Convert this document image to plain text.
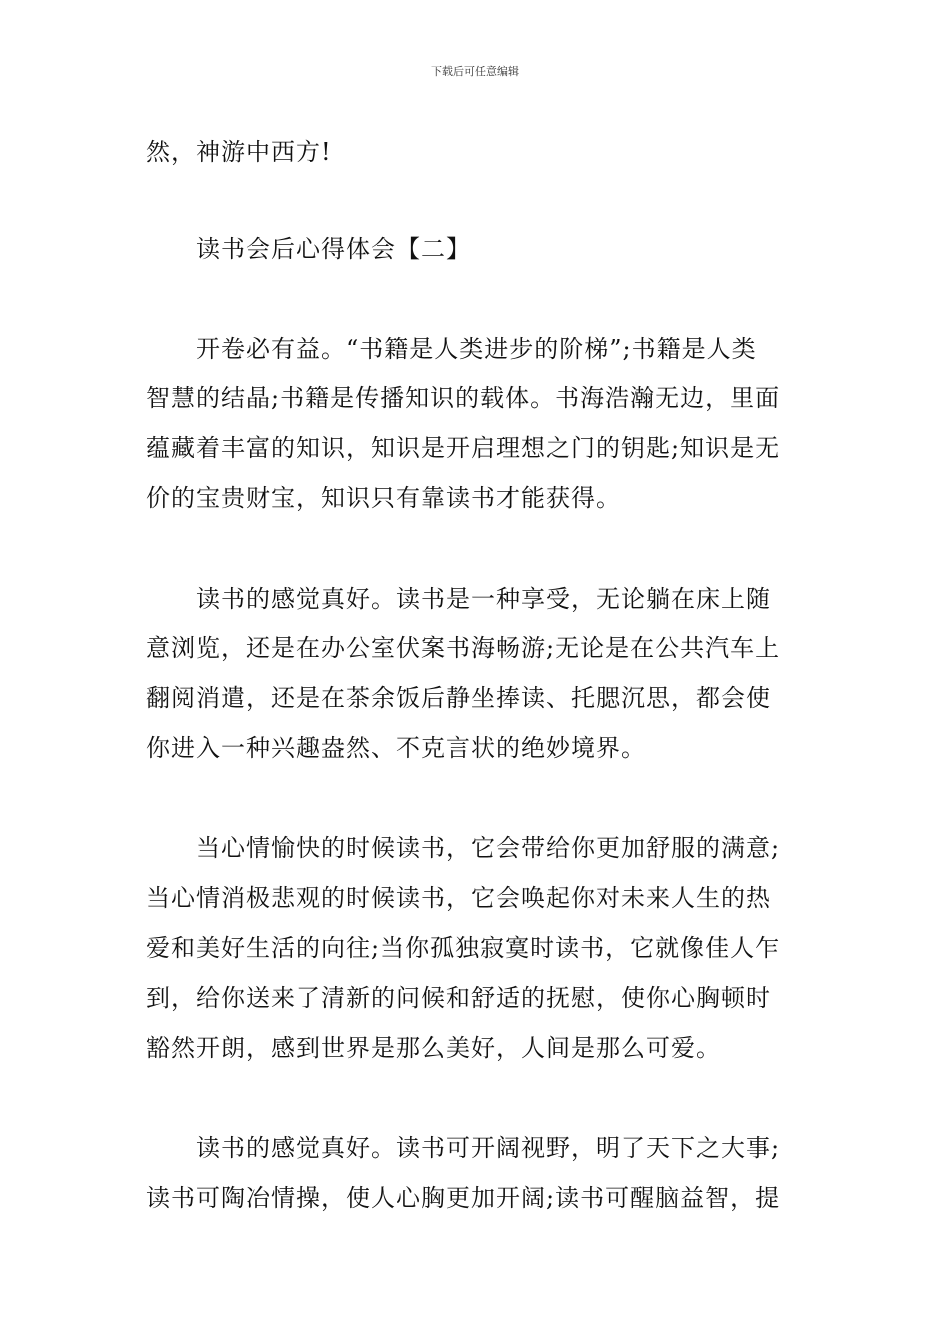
下载后可任意编辑
然，神游中西方!
读书会后心得体会【二】
开卷必有益。“书籍是人类进步的阶梯”;书籍是人类
智慧的结晶;书籍是传播知识的载体。书海浩瀚无边，里面
蕴藏着丰富的知识，知识是开启理想之门的钥匙;知识是无
价的宝贵财宝，知识只有靠读书才能获得。
读书的感觉真好。读书是一种享受，无论躺在床上随
意浏览，还是在办公室伏案书海畅游;无论是在公共汽车上
翻阅消遣，还是在茶余饭后静坐捧读、托腮沉思，都会使
你进入一种兴趣盎然、不克言状的绝妙境界。
当心情愉快的时候读书，它会带给你更加舒服的满意;
当心情消极悲观的时候读书，它会唤起你对未来人生的热
爱和美好生活的向往;当你孤独寂寞时读书，它就像佳人乍
到，给你送来了清新的问候和舒适的抚慰，使你心胸顿时
豁然开朗，感到世界是那么美好，人间是那么可爱。
读书的感觉真好。读书可开阔视野，明了天下之大事;
读书可陶冶情操，使人心胸更加开阔;读书可醒脑益智，提
